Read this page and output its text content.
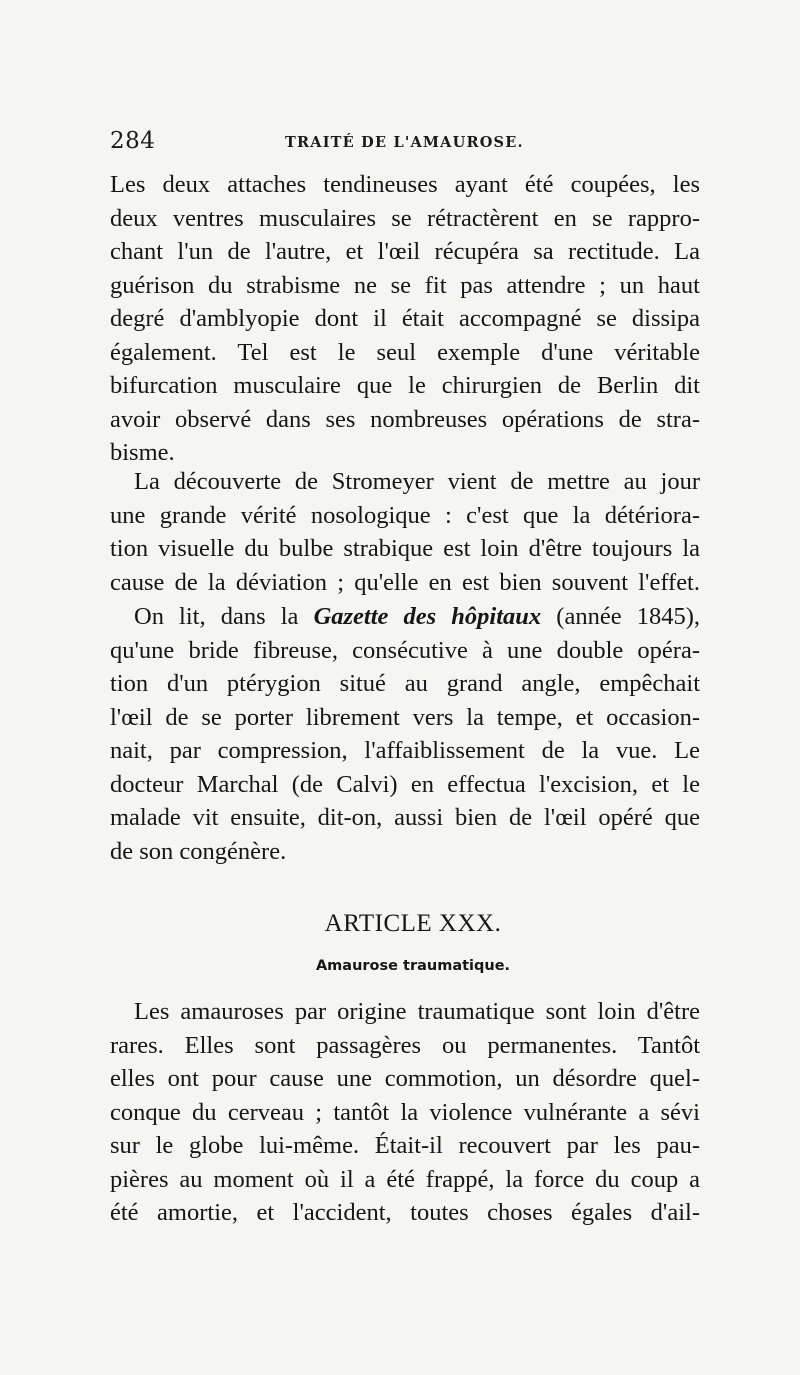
284	TRAITÉ DE L'AMAUROSE.
Les deux attaches tendineuses ayant été coupées, les
deux ventres musculaires se rétractèrent en se rappro-
chant l'un de l'autre, et l'œil récupéra sa rectitude. La
guérison du strabisme ne se fit pas attendre ; un haut
degré d'amblyopie dont il était accompagné se dissipa
également. Tel est le seul exemple d'une véritable
bifurcation musculaire que le chirurgien de Berlin dit
avoir observé dans ses nombreuses opérations de stra-
bisme.
La découverte de Stromeyer vient de mettre au jour
une grande vérité nosologique : c'est que la détériora-
tion visuelle du bulbe strabique est loin d'être toujours la
cause de la déviation ; qu'elle en est bien souvent l'effet.
On lit, dans la Gazette des hôpitaux (année 1845),
qu'une bride fibreuse, consécutive à une double opéra-
tion d'un ptérygion situé au grand angle, empêchait
l'œil de se porter librement vers la tempe, et occasion-
nait, par compression, l'affaiblissement de la vue. Le
docteur Marchal (de Calvi) en effectua l'excision, et le
malade vit ensuite, dit-on, aussi bien de l'œil opéré que
de son congénère.
ARTICLE XXX.
Amaurose traumatique.
Les amauroses par origine traumatique sont loin d'être
rares. Elles sont passagères ou permanentes. Tantôt
elles ont pour cause une commotion, un désordre quel-
conque du cerveau ; tantôt la violence vulnérante a sévi
sur le globe lui-même. Était-il recouvert par les pau-
pières au moment où il a été frappé, la force du coup a
été amortie, et l'accident, toutes choses égales d'ail-
